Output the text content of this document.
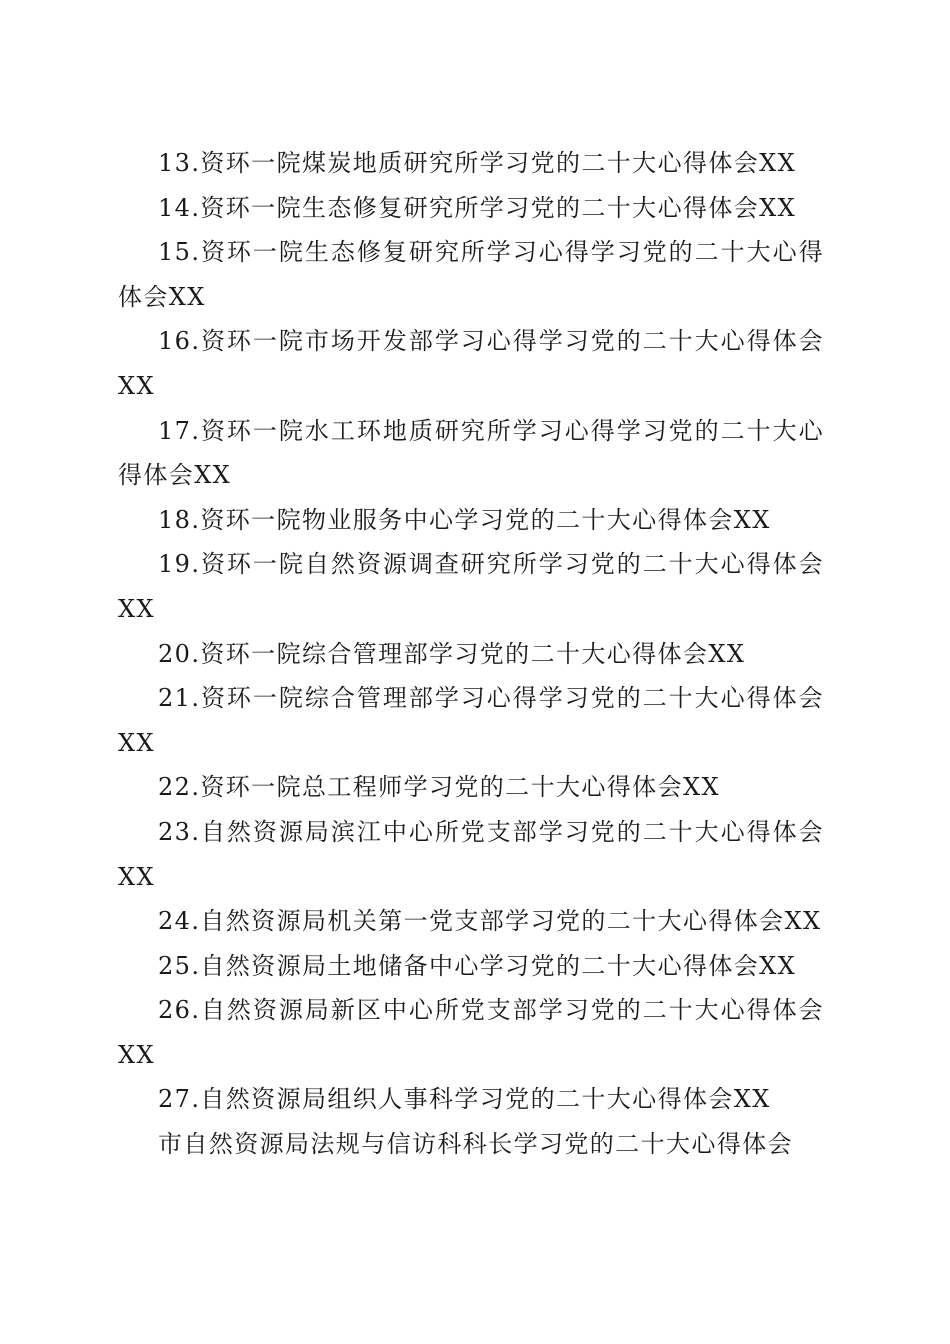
13.资环一院煤炭地质研究所学习党的二十大心得体会XX

14.资环一院生态修复研究所学习党的二十大心得体会XX

15.资环一院生态修复研究所学习心得学习党的二十大心得体会XX

16.资环一院市场开发部学习心得学习党的二十大心得体会XX

17.资环一院水工环地质研究所学习心得学习党的二十大心得体会XX

18.资环一院物业服务中心学习党的二十大心得体会XX

19.资环一院自然资源调查研究所学习党的二十大心得体会XX

20.资环一院综合管理部学习党的二十大心得体会XX

21.资环一院综合管理部学习心得学习党的二十大心得体会XX

22.资环一院总工程师学习党的二十大心得体会XX

23.自然资源局滨江中心所党支部学习党的二十大心得体会XX

24.自然资源局机关第一党支部学习党的二十大心得体会XX

25.自然资源局土地储备中心学习党的二十大心得体会XX

26.自然资源局新区中心所党支部学习党的二十大心得体会XX

27.自然资源局组织人事科学习党的二十大心得体会XX

市自然资源局法规与信访科科长学习党的二十大心得体会
